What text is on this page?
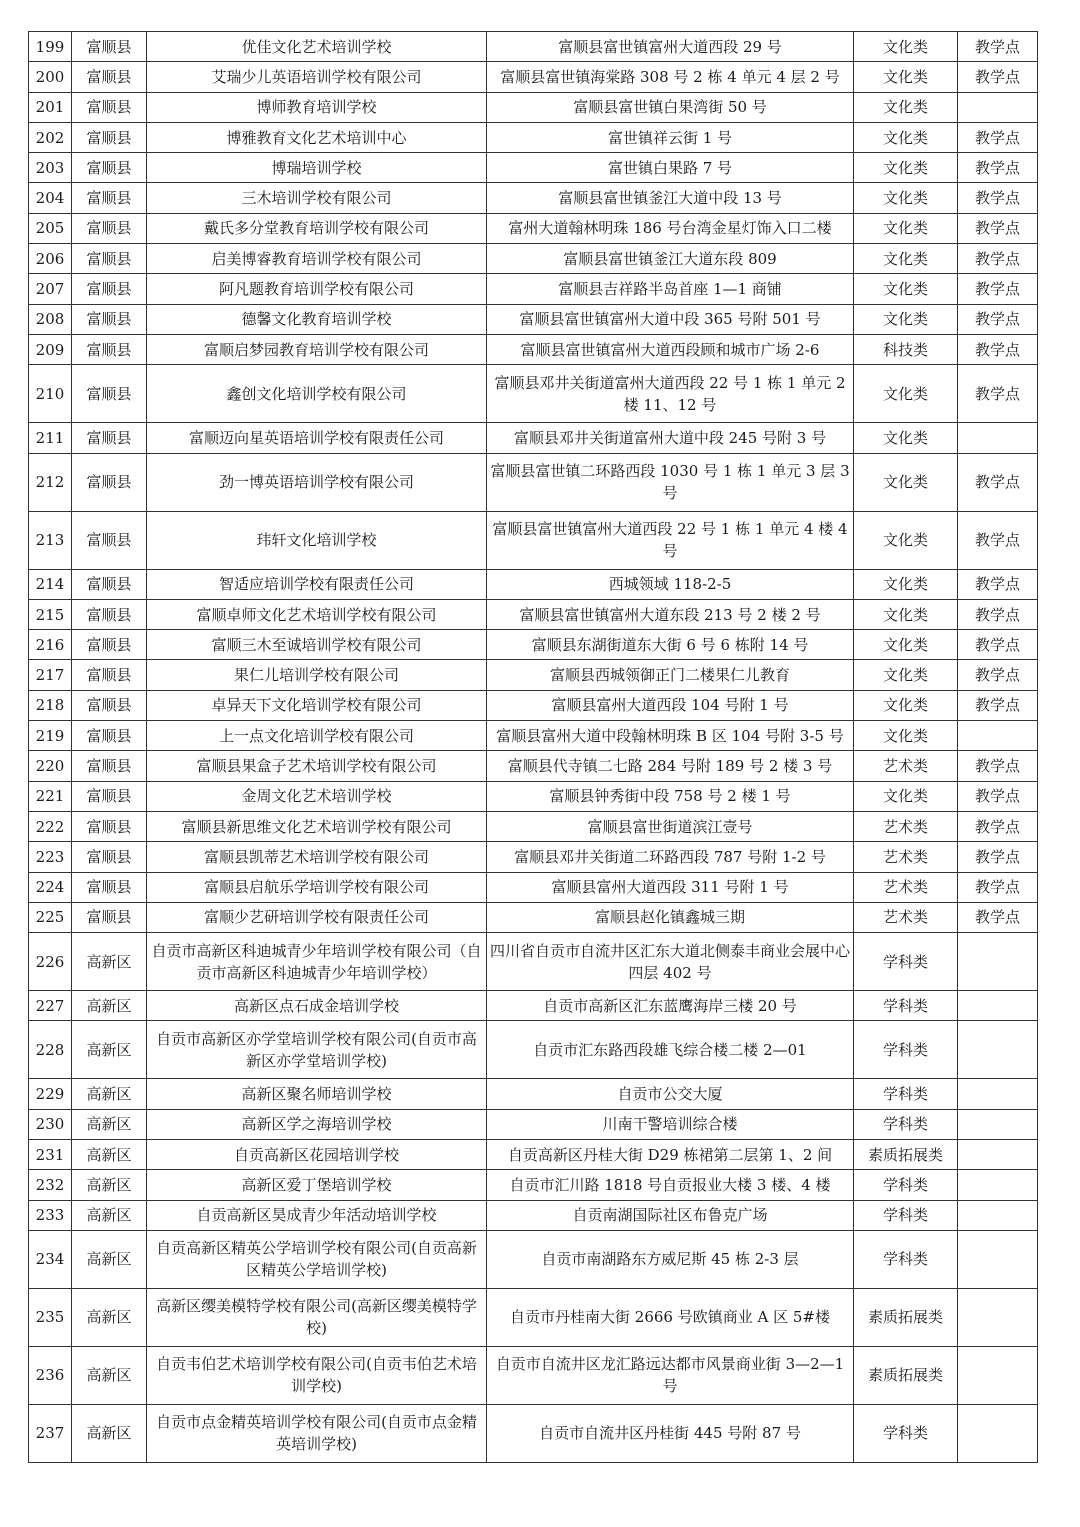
199	富顺县	优佳文化艺术培训学校	富顺县富世镇富州大道西段 29 号	文化类	教学点
200	富顺县	艾瑞少儿英语培训学校有限公司	富顺县富世镇海棠路 308 号 2 栋 4 单元 4 层 2 号	文化类	教学点
201	富顺县	博师教育培训学校	富顺县富世镇白果湾街 50 号	文化类	
202	富顺县	博雅教育文化艺术培训中心	富世镇祥云街 1 号	文化类	教学点
203	富顺县	博瑞培训学校	富世镇白果路 7 号	文化类	教学点
204	富顺县	三木培训学校有限公司	富顺县富世镇釜江大道中段 13 号	文化类	教学点
205	富顺县	戴氏多分堂教育培训学校有限公司	富州大道翰林明珠 186 号台湾金星灯饰入口二楼	文化类	教学点
206	富顺县	启美博睿教育培训学校有限公司	富顺县富世镇釜江大道东段 809	文化类	教学点
207	富顺县	阿凡题教育培训学校有限公司	富顺县吉祥路半岛首座 1—1 商铺	文化类	教学点
208	富顺县	德馨文化教育培训学校	富顺县富世镇富州大道中段 365 号附 501 号	文化类	教学点
209	富顺县	富顺启梦园教育培训学校有限公司	富顺县富世镇富州大道西段顾和城市广场 2-6	科技类	教学点
210	富顺县	鑫创文化培训学校有限公司	富顺县邓井关街道富州大道西段 22 号 1 栋 1 单元 2 楼 11、12 号	文化类	教学点
211	富顺县	富顺迈向星英语培训学校有限责任公司	富顺县邓井关街道富州大道中段 245 号附 3 号	文化类	
212	富顺县	劲一博英语培训学校有限公司	富顺县富世镇二环路西段 1030 号 1 栋 1 单元 3 层 3 号	文化类	教学点
213	富顺县	玮轩文化培训学校	富顺县富世镇富州大道西段 22 号 1 栋 1 单元 4 楼 4 号	文化类	教学点
214	富顺县	智适应培训学校有限责任公司	西城领域 118-2-5	文化类	教学点
215	富顺县	富顺卓师文化艺术培训学校有限公司	富顺县富世镇富州大道东段 213 号 2 楼 2 号	文化类	教学点
216	富顺县	富顺三木至诚培训学校有限公司	富顺县东湖街道东大街 6 号 6 栋附 14 号	文化类	教学点
217	富顺县	果仁儿培训学校有限公司	富顺县西城领御正门二楼果仁儿教育	文化类	教学点
218	富顺县	卓异天下文化培训学校有限公司	富顺县富州大道西段 104 号附 1 号	文化类	教学点
219	富顺县	上一点文化培训学校有限公司	富顺县富州大道中段翰林明珠 B 区 104 号附 3-5 号	文化类	
220	富顺县	富顺县果盒子艺术培训学校有限公司	富顺县代寺镇二七路 284 号附 189 号 2 楼 3 号	艺术类	教学点
221	富顺县	金周文化艺术培训学校	富顺县钟秀街中段 758 号 2 楼 1 号	文化类	教学点
222	富顺县	富顺县新思维文化艺术培训学校有限公司	富顺县富世街道滨江壹号	艺术类	教学点
223	富顺县	富顺县凯蒂艺术培训学校有限公司	富顺县邓井关街道二环路西段 787 号附 1-2 号	艺术类	教学点
224	富顺县	富顺县启航乐学培训学校有限公司	富顺县富州大道西段 311 号附 1 号	艺术类	教学点
225	富顺县	富顺少艺研培训学校有限责任公司	富顺县赵化镇鑫城三期	艺术类	教学点
226	高新区	自贡市高新区科迪城青少年培训学校有限公司（自贡市高新区科迪城青少年培训学校）	四川省自贡市自流井区汇东大道北侧泰丰商业会展中心四层 402 号	学科类	
227	高新区	高新区点石成金培训学校	自贡市高新区汇东蓝鹰海岸三楼 20 号	学科类	
228	高新区	自贡市高新区亦学堂培训学校有限公司(自贡市高新区亦学堂培训学校)	自贡市汇东路西段雄飞综合楼二楼 2—01	学科类	
229	高新区	高新区聚名师培训学校	自贡市公交大厦	学科类	
230	高新区	高新区学之海培训学校	川南干警培训综合楼	学科类	
231	高新区	自贡高新区花园培训学校	自贡高新区丹桂大街 D29 栋裙第二层第 1、2 间	素质拓展类	
232	高新区	高新区爱丁堡培训学校	自贡市汇川路 1818 号自贡报业大楼 3 楼、4 楼	学科类	
233	高新区	自贡高新区昊成青少年活动培训学校	自贡南湖国际社区布鲁克广场	学科类	
234	高新区	自贡高新区精英公学培训学校有限公司(自贡高新区精英公学培训学校)	自贡市南湖路东方威尼斯 45 栋 2-3 层	学科类	
235	高新区	高新区缨美模特学校有限公司(高新区缨美模特学校)	自贡市丹桂南大街 2666 号欧镇商业 A 区 5#楼	素质拓展类	
236	高新区	自贡韦伯艺术培训学校有限公司(自贡韦伯艺术培训学校)	自贡市自流井区龙汇路远达都市风景商业街 3—2—1 号	素质拓展类	
237	高新区	自贡市点金精英培训学校有限公司(自贡市点金精英培训学校)	自贡市自流井区丹桂街 445 号附 87 号	学科类	
